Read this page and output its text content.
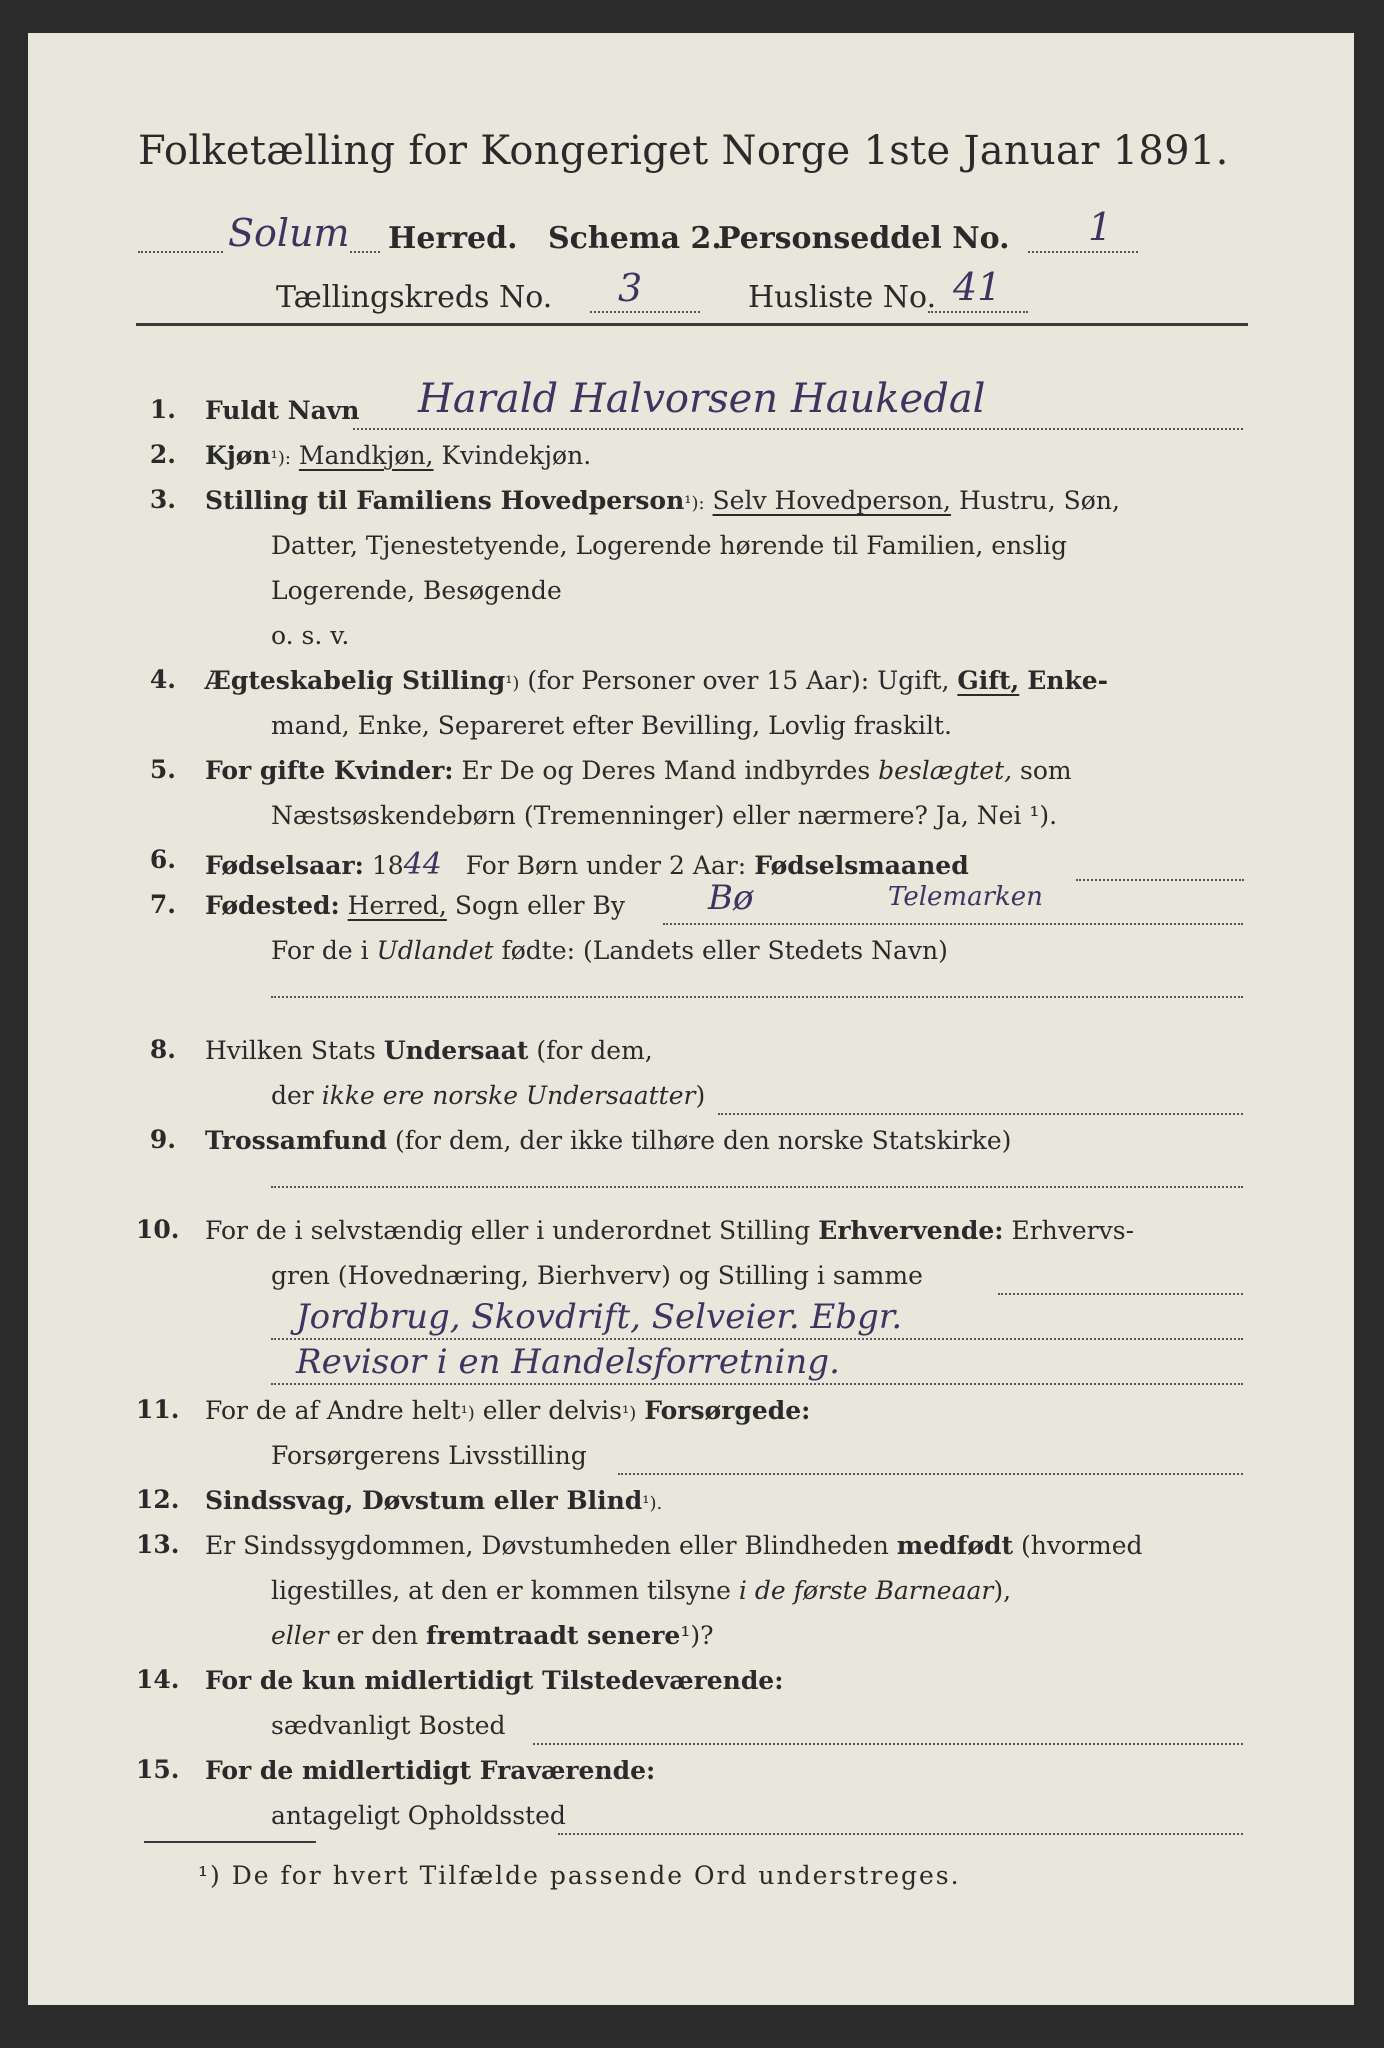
Folketælling for Kongeriget Norge 1ste Januar 1891.
Solum Herred. Schema 2.
Personseddel No. 1
Tællingskreds No. 3	Husliste No. 41
1. Fuldt Navn Harald Halvorsen Haukedal
2. Kjøn¹): Mandkjøn, Kvindekjøn.
3. Stilling til Familiens Hovedperson¹): Selv Hovedperson, Hustru, Søn,
Datter, Tjenestetyende, Logerende hørende til Familien, enslig
Logerende, Besøgende
o. s. v.
4. Ægteskabelig Stilling¹) (for Personer over 15 Aar): Ugift, Gift, Enke-
mand, Enke, Separeret efter Bevilling, Lovlig fraskilt.
5. For gifte Kvinder: Er De og Deres Mand indbyrdes beslægtet, som
Næstsøskendebørn (Tremenninger) eller nærmere? Ja, Nei ¹).
6. Fødselsaar: 1844 For Børn under 2 Aar: Fødselsmaaned
7. Fødested: Herred, Sogn eller By Bø	Telemarken
For de i Udlandet fødte: (Landets eller Stedets Navn)
8. Hvilken Stats Undersaat (for dem,
der ikke ere norske Undersaatter)
9. Trossamfund (for dem, der ikke tilhøre den norske Statskirke)
10. For de i selvstændig eller i underordnet Stilling Erhvervende: Erhvervs-
gren (Hovednæring, Bierhverv) og Stilling i samme
Jordbrug, Skovdrift, Selveier. Ebgr.
Revisor i en Handelsforretning.
11. For de af Andre helt¹) eller delvis¹) Forsørgede:
Forsørgerens Livsstilling
12. Sindssvag, Døvstum eller Blind¹).
13. Er Sindssygdommen, Døvstumheden eller Blindheden medfødt (hvormed
ligestilles, at den er kommen tilsyne i de første Barneaar),
eller er den fremtraadt senere¹)?
14. For de kun midlertidigt Tilstedeværende:
sædvanligt Bosted
15. For de midlertidigt Fraværende:
antageligt Opholdssted
¹) De for hvert Tilfælde passende Ord understreges.
